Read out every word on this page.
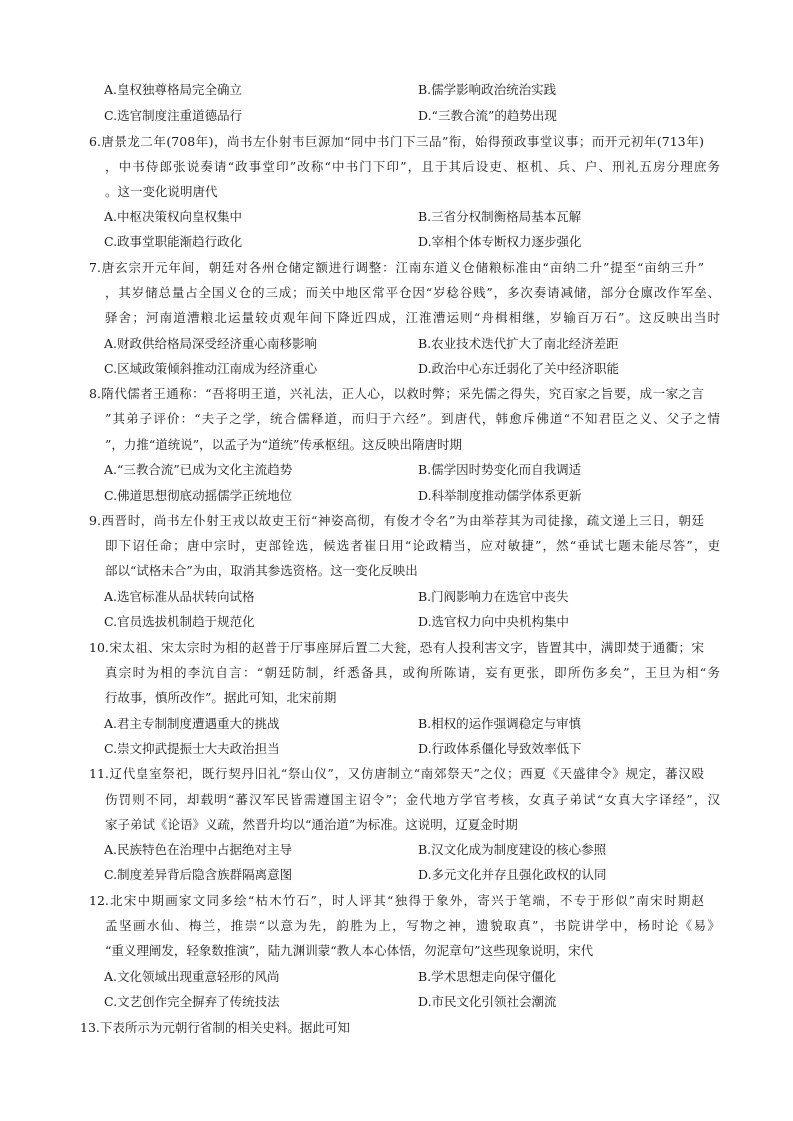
A.皇权独尊格局完全确立	B.儒学影响政治统治实践
C.选官制度注重道德品行	D.“三教合流”的趋势出现
6.唐景龙二年(708年)，尚书左仆射韦巨源加“同中书门下三品”衔，始得预政事堂议事；而开元初年(713年)
，中书侍郎张说奏请“政事堂印”改称“中书门下印”，且于其后设吏、枢机、兵、户、刑礼五房分理庶务
。这一变化说明唐代
A.中枢决策权向皇权集中	B.三省分权制衡格局基本瓦解
C.政事堂职能渐趋行政化	D.宰相个体专断权力逐步强化
7.唐玄宗开元年间，朝廷对各州仓储定额进行调整：江南东道义仓储粮标准由“亩纳二升”提至“亩纳三升”
，其岁储总量占全国义仓的三成；而关中地区常平仓因“岁稔谷贱”，多次奏请减储，部分仓廪改作军垒、
驿舍；河南道漕粮北运量较贞观年间下降近四成，江淮漕运则“舟楫相继，岁输百万石”。这反映出当时
A.财政供给格局深受经济重心南移影响	B.农业技术迭代扩大了南北经济差距
C.区域政策倾斜推动江南成为经济重心	D.政治中心东迁弱化了关中经济职能
8.隋代儒者王通称：“吾将明王道，兴礼法，正人心，以救时弊；采先儒之得失，究百家之旨要，成一家之言
”其弟子评价：“夫子之学，统合儒释道，而归于六经”。到唐代，韩愈斥佛道“不知君臣之义、父子之情
”，力推“道统说”，以孟子为“道统”传承枢纽。这反映出隋唐时期
A.“三教合流”已成为文化主流趋势	B.儒学因时势变化而自我调适
C.佛道思想彻底动摇儒学正统地位	D.科举制度推动儒学体系更新
9.西晋时，尚书左仆射王戎以故吏王衍“神姿高彻，有俊才令名”为由举荐其为司徒掾，疏文递上三日，朝廷
即下诏任命；唐中宗时，吏部铨选，候选者崔日用“论政精当，应对敏捷”，然“垂试七题未能尽答”，吏
部以“试格未合”为由，取消其参选资格。这一变化反映出
A.选官标准从品状转向试格	B.门阀影响力在选官中丧失
C.官员选拔机制趋于规范化	D.选官权力向中央机构集中
10.宋太祖、宋太宗时为相的赵普于厅事座屏后置二大瓮，恐有人投利害文字，皆置其中，满即焚于通衢；宋
真宗时为相的李沆自言：“朝廷防制，纤悉备具，或徇所陈请，妄有更张，即所伤多矣”，王旦为相“务
行故事，慎所改作”。据此可知，北宋前期
A.君主专制制度遭遇重大的挑战	B.相权的运作强调稳定与审慎
C.崇文抑武提振士大夫政治担当	D.行政体系僵化导致效率低下
11.辽代皇室祭祀，既行契丹旧礼“祭山仪”，又仿唐制立“南郊祭天”之仪；西夏《天盛律令》规定，蕃汉殴
伤罚则不同，却载明“蕃汉军民皆需遵国主诏令”；金代地方学官考核，女真子弟试“女真大字译经”，汉
家子弟试《论语》义疏，然晋升均以“通治道”为标准。这说明，辽夏金时期
A.民族特色在治理中占据绝对主导	B.汉文化成为制度建设的核心参照
C.制度差异背后隐含族群隔离意图	D.多元文化并存且强化政权的认同
12.北宋中期画家文同多绘“枯木竹石”，时人评其“独得于象外，寄兴于笔端，不专于形似”南宋时期赵
孟坚画水仙、梅兰，推崇“以意为先，韵胜为上，写物之神，遗貌取真”，书院讲学中，杨时论《易》
“重义理阐发，轻象数推演”，陆九渊训蒙“教人本心体悟，勿泥章句”这些现象说明，宋代
A.文化领域出现重意轻形的风尚	B.学术思想走向保守僵化
C.文艺创作完全摒弃了传统技法	D.市民文化引领社会潮流
13.下表所示为元朝行省制的相关史料。据此可知
